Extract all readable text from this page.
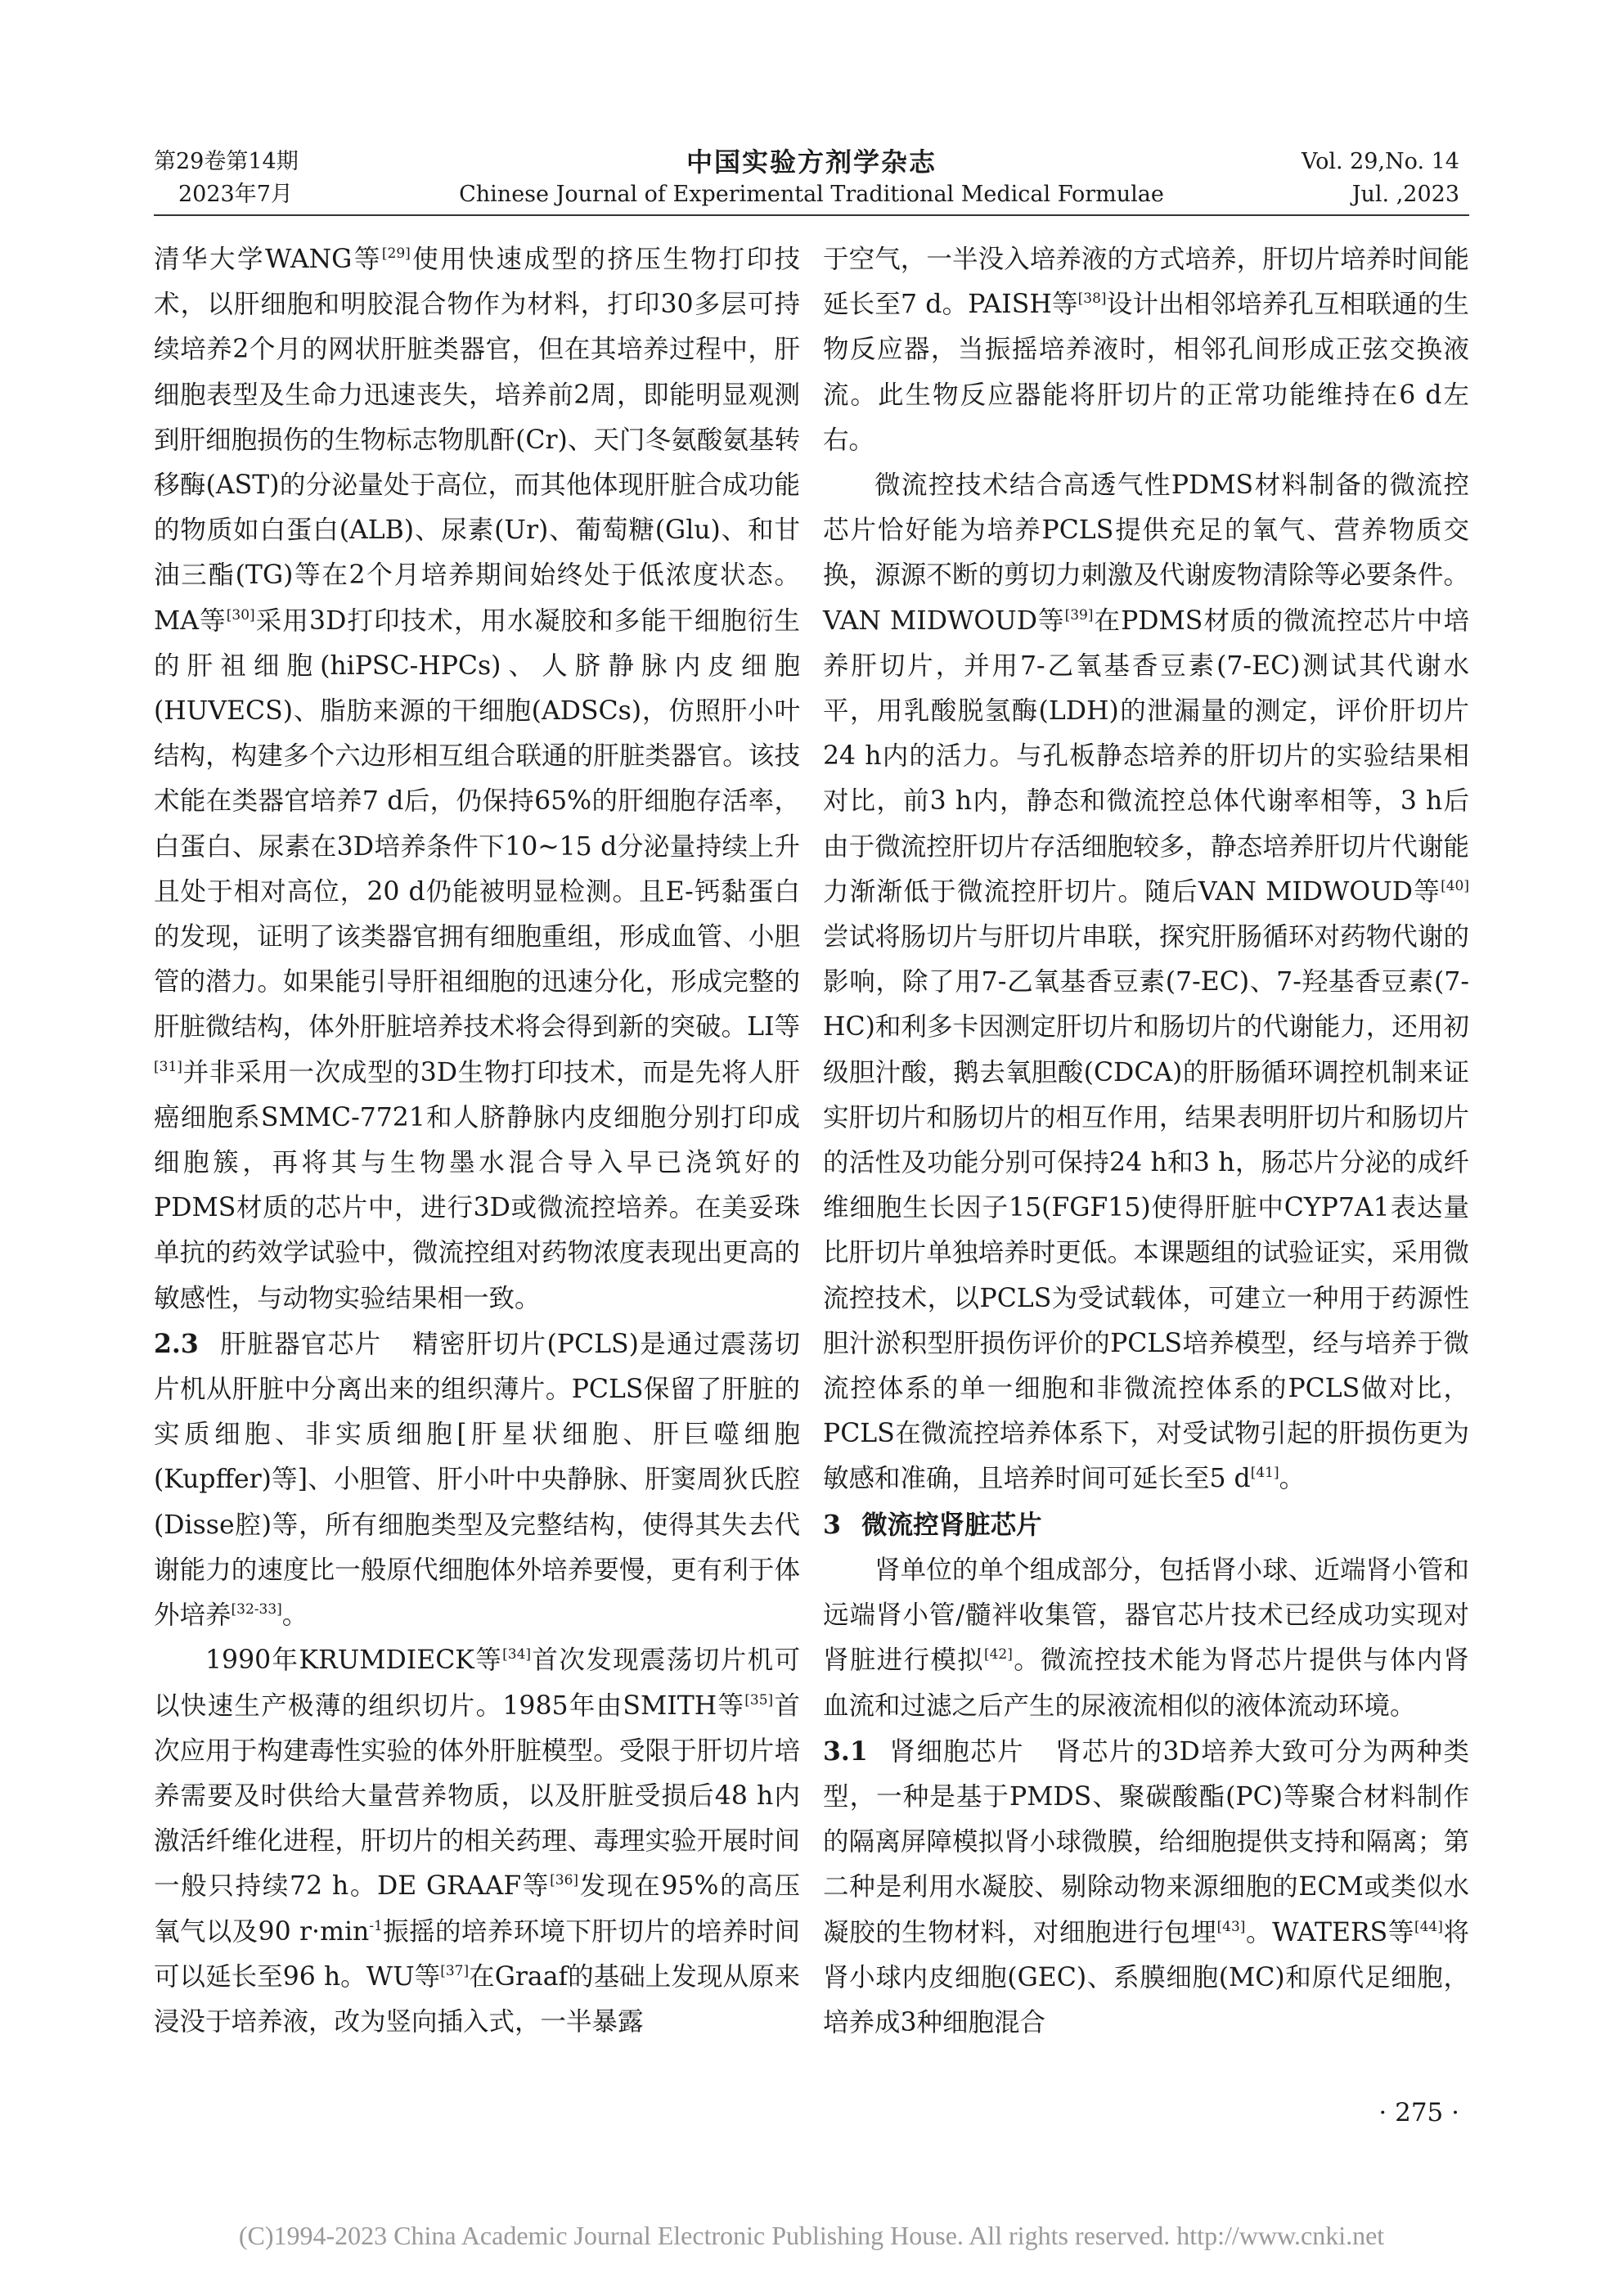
第29卷第14期
2023年7月
中国实验方剂学杂志
Chinese Journal of Experimental Traditional Medical Formulae
Vol. 29,No. 14
Jul. ,2023

清华大学WANG等[29]使用快速成型的挤压生物打印技术，以肝细胞和明胶混合物作为材料，打印30多层可持续培养2个月的网状肝脏类器官，但在其培养过程中，肝细胞表型及生命力迅速丧失，培养前2周，即能明显观测到肝细胞损伤的生物标志物肌酐(Cr)、天门冬氨酸氨基转移酶(AST)的分泌量处于高位，而其他体现肝脏合成功能的物质如白蛋白(ALB)、尿素(Ur)、葡萄糖(Glu)、和甘油三酯(TG)等在2个月培养期间始终处于低浓度状态。MA等[30]采用3D打印技术，用水凝胶和多能干细胞衍生的肝祖细胞(hiPSC-HPCs)、人脐静脉内皮细胞(HUVECS)、脂肪来源的干细胞(ADSCs)，仿照肝小叶结构，构建多个六边形相互组合联通的肝脏类器官。该技术能在类器官培养7 d后，仍保持65%的肝细胞存活率，白蛋白、尿素在3D培养条件下10~15 d分泌量持续上升且处于相对高位，20 d仍能被明显检测。且E-钙黏蛋白的发现，证明了该类器官拥有细胞重组，形成血管、小胆管的潜力。如果能引导肝祖细胞的迅速分化，形成完整的肝脏微结构，体外肝脏培养技术将会得到新的突破。LI等[31]并非采用一次成型的3D生物打印技术，而是先将人肝癌细胞系SMMC-7721和人脐静脉内皮细胞分别打印成细胞簇，再将其与生物墨水混合导入早已浇筑好的PDMS材质的芯片中，进行3D或微流控培养。在美妥珠单抗的药效学试验中，微流控组对药物浓度表现出更高的敏感性，与动物实验结果相一致。

2.3 肝脏器官芯片 精密肝切片(PCLS)是通过震荡切片机从肝脏中分离出来的组织薄片。PCLS保留了肝脏的实质细胞、非实质细胞[肝星状细胞、肝巨噬细胞(Kupffer)等]、小胆管、肝小叶中央静脉、肝窦周狄氏腔(Disse腔)等，所有细胞类型及完整结构，使得其失去代谢能力的速度比一般原代细胞体外培养要慢，更有利于体外培养[32-33]。

1990年KRUMDIECK等[34]首次发现震荡切片机可以快速生产极薄的组织切片。1985年由SMITH等[35]首次应用于构建毒性实验的体外肝脏模型。受限于肝切片培养需要及时供给大量营养物质，以及肝脏受损后48 h内激活纤维化进程，肝切片的相关药理、毒理实验开展时间一般只持续72 h。DE GRAAF等[36]发现在95%的高压氧气以及90 $r\cdot\min^{-1}$振摇的培养环境下肝切片的培养时间可以延长至96 h。WU等[37]在Graaf的基础上发现从原来浸没于培养液，改为竖向插入式，一半暴露

于空气，一半没入培养液的方式培养，肝切片培养时间能延长至7 d。PAISH等[38]设计出相邻培养孔互相联通的生物反应器，当振摇培养液时，相邻孔间形成正弦交换液流。此生物反应器能将肝切片的正常功能维持在6 d左右。

微流控技术结合高透气性PDMS材料制备的微流控芯片恰好能为培养PCLS提供充足的氧气、营养物质交换，源源不断的剪切力刺激及代谢废物清除等必要条件。VAN MIDWOUD等[39]在PDMS材质的微流控芯片中培养肝切片，并用7-乙氧基香豆素(7-EC)测试其代谢水平，用乳酸脱氢酶(LDH)的泄漏量的测定，评价肝切片24 h内的活力。与孔板静态培养的肝切片的实验结果相对比，前3 h内，静态和微流控总体代谢率相等，3 h后由于微流控肝切片存活细胞较多，静态培养肝切片代谢能力渐渐低于微流控肝切片。随后VAN MIDWOUD等[40]尝试将肠切片与肝切片串联，探究肝肠循环对药物代谢的影响，除了用7-乙氧基香豆素(7-EC)、7-羟基香豆素(7-HC)和利多卡因测定肝切片和肠切片的代谢能力，还用初级胆汁酸，鹅去氧胆酸(CDCA)的肝肠循环调控机制来证实肝切片和肠切片的相互作用，结果表明肝切片和肠切片的活性及功能分别可保持24 h和3 h，肠芯片分泌的成纤维细胞生长因子15(FGF15)使得肝脏中CYP7A1表达量比肝切片单独培养时更低。本课题组的试验证实，采用微流控技术，以PCLS为受试载体，可建立一种用于药源性胆汁淤积型肝损伤评价的PCLS培养模型，经与培养于微流控体系的单一细胞和非微流控体系的PCLS做对比，PCLS在微流控培养体系下，对受试物引起的肝损伤更为敏感和准确，且培养时间可延长至5 d[41]。

3 微流控肾脏芯片

肾单位的单个组成部分，包括肾小球、近端肾小管和远端肾小管/髓袢收集管，器官芯片技术已经成功实现对肾脏进行模拟[42]。微流控技术能为肾芯片提供与体内肾血流和过滤之后产生的尿液流相似的液体流动环境。

3.1 肾细胞芯片 肾芯片的3D培养大致可分为两种类型，一种是基于PMDS、聚碳酸酯(PC)等聚合材料制作的隔离屏障模拟肾小球微膜，给细胞提供支持和隔离；第二种是利用水凝胶、剔除动物来源细胞的ECM或类似水凝胶的生物材料，对细胞进行包埋[43]。WATERS等[44]将肾小球内皮细胞(GEC)、系膜细胞(MC)和原代足细胞，培养成3种细胞混合

· 275 ·
(C)1994-2023 China Academic Journal Electronic Publishing House. All rights reserved. http://www.cnki.net
